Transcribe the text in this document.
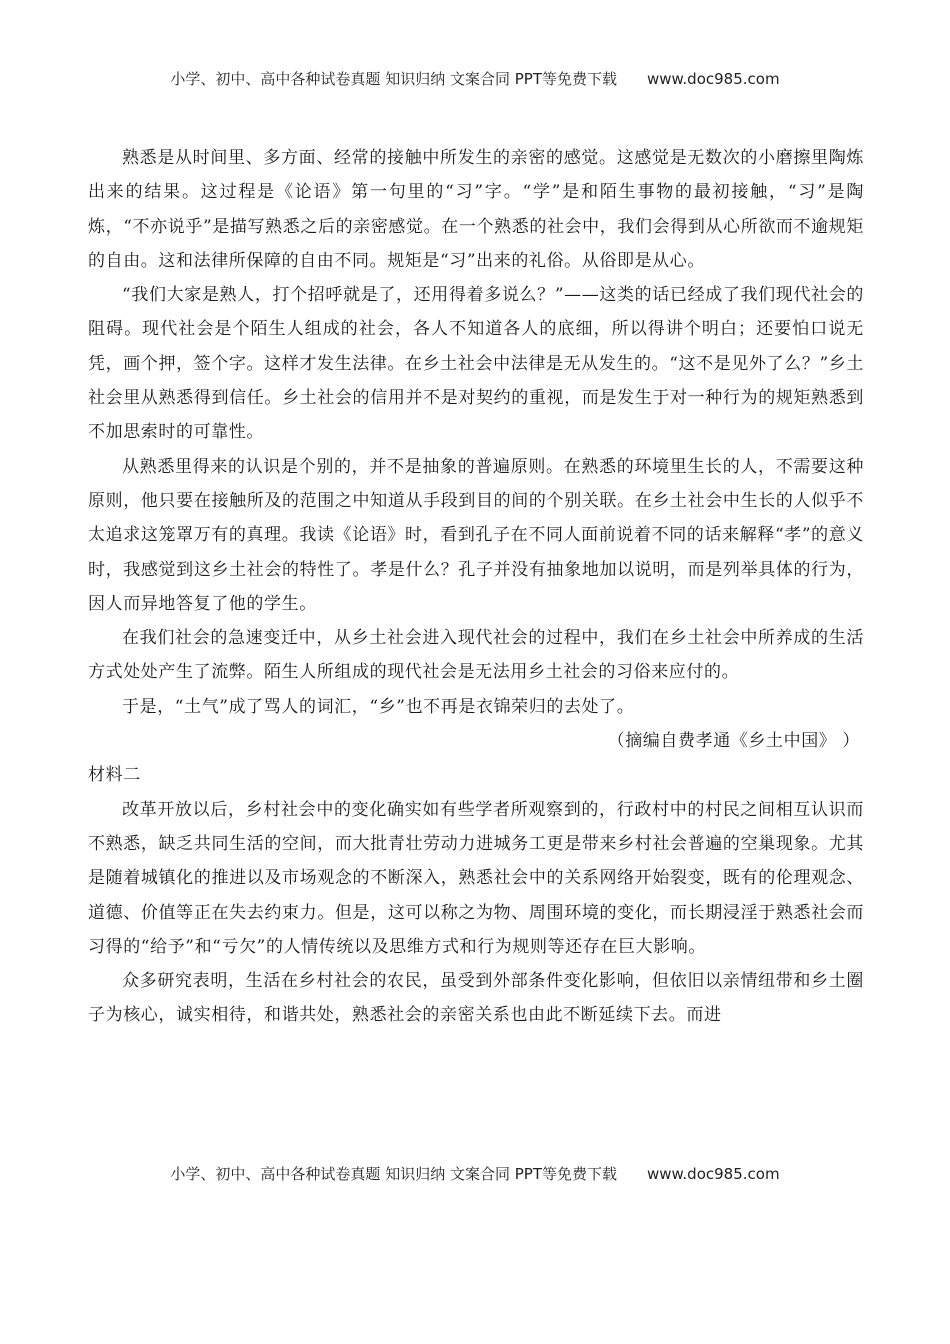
小学、初中、高中各种试卷真题 知识归纳 文案合同 PPT等免费下载 www.doc985.com

熟悉是从时间里、多方面、经常的接触中所发生的亲密的感觉。这感觉是无数次的小磨擦里陶炼出来的结果。这过程是《论语》第一句里的“习”字。“学”是和陌生事物的最初接触，“习”是陶炼，“不亦说乎”是描写熟悉之后的亲密感觉。在一个熟悉的社会中，我们会得到从心所欲而不逾规矩的自由。这和法律所保障的自由不同。规矩是“习”出来的礼俗。从俗即是从心。

“我们大家是熟人，打个招呼就是了，还用得着多说么？”——这类的话已经成了我们现代社会的阻碍。现代社会是个陌生人组成的社会，各人不知道各人的底细，所以得讲个明白；还要怕口说无凭，画个押，签个字。这样才发生法律。在乡土社会中法律是无从发生的。“这不是见外了么？”乡土社会里从熟悉得到信任。乡土社会的信用并不是对契约的重视，而是发生于对一种行为的规矩熟悉到不加思索时的可靠性。

从熟悉里得来的认识是个别的，并不是抽象的普遍原则。在熟悉的环境里生长的人，不需要这种原则，他只要在接触所及的范围之中知道从手段到目的间的个别关联。在乡土社会中生长的人似乎不太追求这笼罩万有的真理。我读《论语》时，看到孔子在不同人面前说着不同的话来解释“孝”的意义时，我感觉到这乡土社会的特性了。孝是什么？孔子并没有抽象地加以说明，而是列举具体的行为，因人而异地答复了他的学生。

在我们社会的急速变迁中，从乡土社会进入现代社会的过程中，我们在乡土社会中所养成的生活方式处处产生了流弊。陌生人所组成的现代社会是无法用乡土社会的习俗来应付的。

于是，“土气”成了骂人的词汇，“乡”也不再是衣锦荣归的去处了。

（摘编自费孝通《乡土中国》 ）

材料二

改革开放以后，乡村社会中的变化确实如有些学者所观察到的，行政村中的村民之间相互认识而不熟悉，缺乏共同生活的空间，而大批青壮劳动力进城务工更是带来乡村社会普遍的空巢现象。尤其是随着城镇化的推进以及市场观念的不断深入，熟悉社会中的关系网络开始裂变，既有的伦理观念、道德、价值等正在失去约束力。但是，这可以称之为物、周围环境的变化，而长期浸淫于熟悉社会而习得的“给予”和“亏欠”的人情传统以及思维方式和行为规则等还存在巨大影响。

众多研究表明，生活在乡村社会的农民，虽受到外部条件变化影响，但依旧以亲情纽带和乡土圈子为核心，诚实相待，和谐共处，熟悉社会的亲密关系也由此不断延续下去。而进

小学、初中、高中各种试卷真题 知识归纳 文案合同 PPT等免费下载 www.doc985.com
